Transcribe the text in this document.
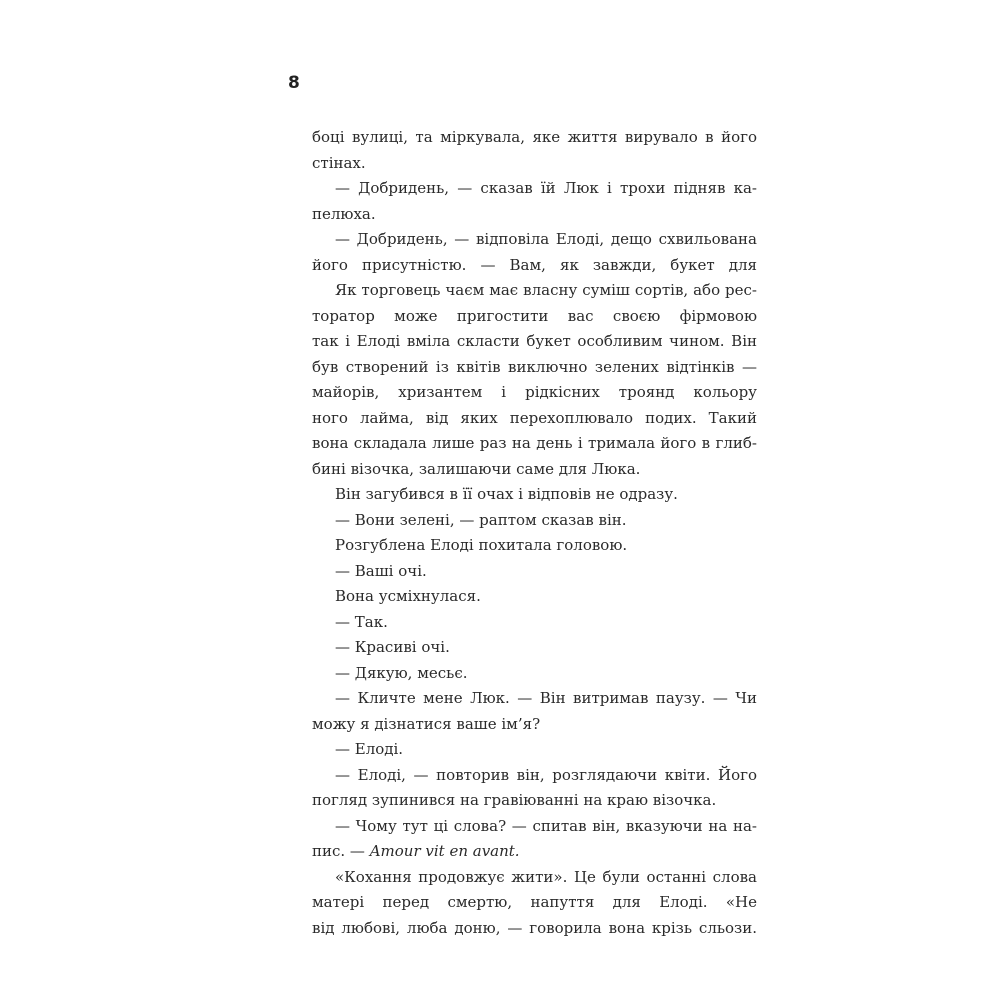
8
боці вулиці, та міркувала, яке життя вирувало в його
стінах.
— Добридень, — сказав їй Люк і трохи підняв ка-
пелюха.
— Добридень, — відповіла Елоді, дещо схвильована
його присутністю. — Вам, як завжди, букет для
Як торговець чаєм має власну суміш сортів, або рес-
торатор може пригостити вас своєю фірмовою
так і Елоді вміла скласти букет особливим чином. Він
був створений із квітів виключно зелених відтінків —
майорів, хризантем і рідкісних троянд кольору
ного лайма, від яких перехоплювало подих. Такий
вона складала лише раз на день і тримала його в глиб-
бині візочка, залишаючи саме для Люка.
Він загубився в її очах і відповів не одразу.
— Вони зелені, — раптом сказав він.
Розгублена Елоді похитала головою.
— Ваші очі.
Вона усміхнулася.
— Так.
— Красиві очі.
— Дякую, месьє.
— Кличте мене Люк. — Він витримав паузу. — Чи
можу я дізнатися ваше ім’я?
— Елоді.
— Елоді, — повторив він, розглядаючи квіти. Його
погляд зупинився на гравіюванні на краю візочка.
— Чому тут ці слова? — спитав він, вказуючи на на-
пис. — Amour vit en avant.
«Кохання продовжує жити». Це були останні слова
матері перед смертю, напуття для Елоді. «Не
від любові, люба доню, — говорила вона крізь сльози.
